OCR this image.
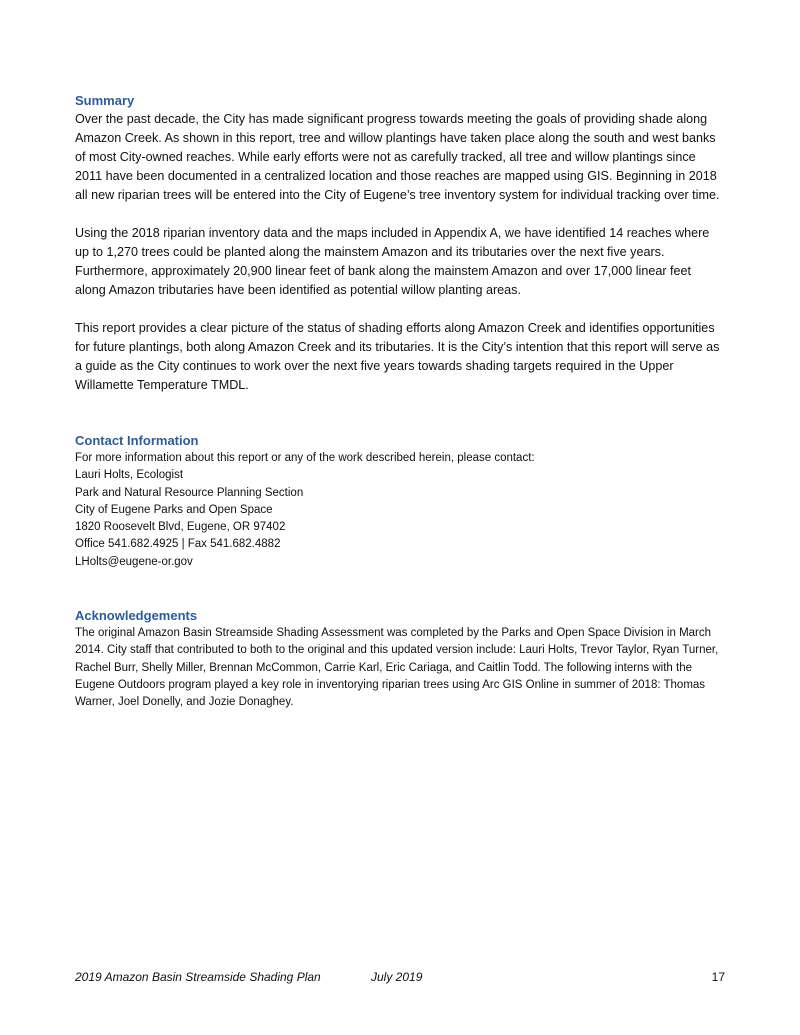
Summary

Over the past decade, the City has made significant progress towards meeting the goals of providing shade along Amazon Creek. As shown in this report, tree and willow plantings have taken place along the south and west banks of most City-owned reaches. While early efforts were not as carefully tracked, all tree and willow plantings since 2011 have been documented in a centralized location and those reaches are mapped using GIS. Beginning in 2018 all new riparian trees will be entered into the City of Eugene’s tree inventory system for individual tracking over time.

Using the 2018 riparian inventory data and the maps included in Appendix A, we have identified 14 reaches where up to 1,270 trees could be planted along the mainstem Amazon and its tributaries over the next five years. Furthermore, approximately 20,900 linear feet of bank along the mainstem Amazon and over 17,000 linear feet along Amazon tributaries have been identified as potential willow planting areas.

This report provides a clear picture of the status of shading efforts along Amazon Creek and identifies opportunities for future plantings, both along Amazon Creek and its tributaries. It is the City’s intention that this report will serve as a guide as the City continues to work over the next five years towards shading targets required in the Upper Willamette Temperature TMDL.

Contact Information
For more information about this report or any of the work described herein, please contact:
Lauri Holts, Ecologist
Park and Natural Resource Planning Section
City of Eugene Parks and Open Space
1820 Roosevelt Blvd, Eugene, OR 97402
Office 541.682.4925 | Fax 541.682.4882
LHolts@eugene-or.gov
Acknowledgements

The original Amazon Basin Streamside Shading Assessment was completed by the Parks and Open Space Division in March 2014. City staff that contributed to both to the original and this updated version include: Lauri Holts, Trevor Taylor, Ryan Turner, Rachel Burr, Shelly Miller, Brennan McCommon, Carrie Karl, Eric Cariaga, and Caitlin Todd. The following interns with the Eugene Outdoors program played a key role in inventorying riparian trees using Arc GIS Online in summer of 2018: Thomas Warner, Joel Donelly, and Jozie Donaghey.

2019 Amazon Basin Streamside Shading Plan	July 2019	17
